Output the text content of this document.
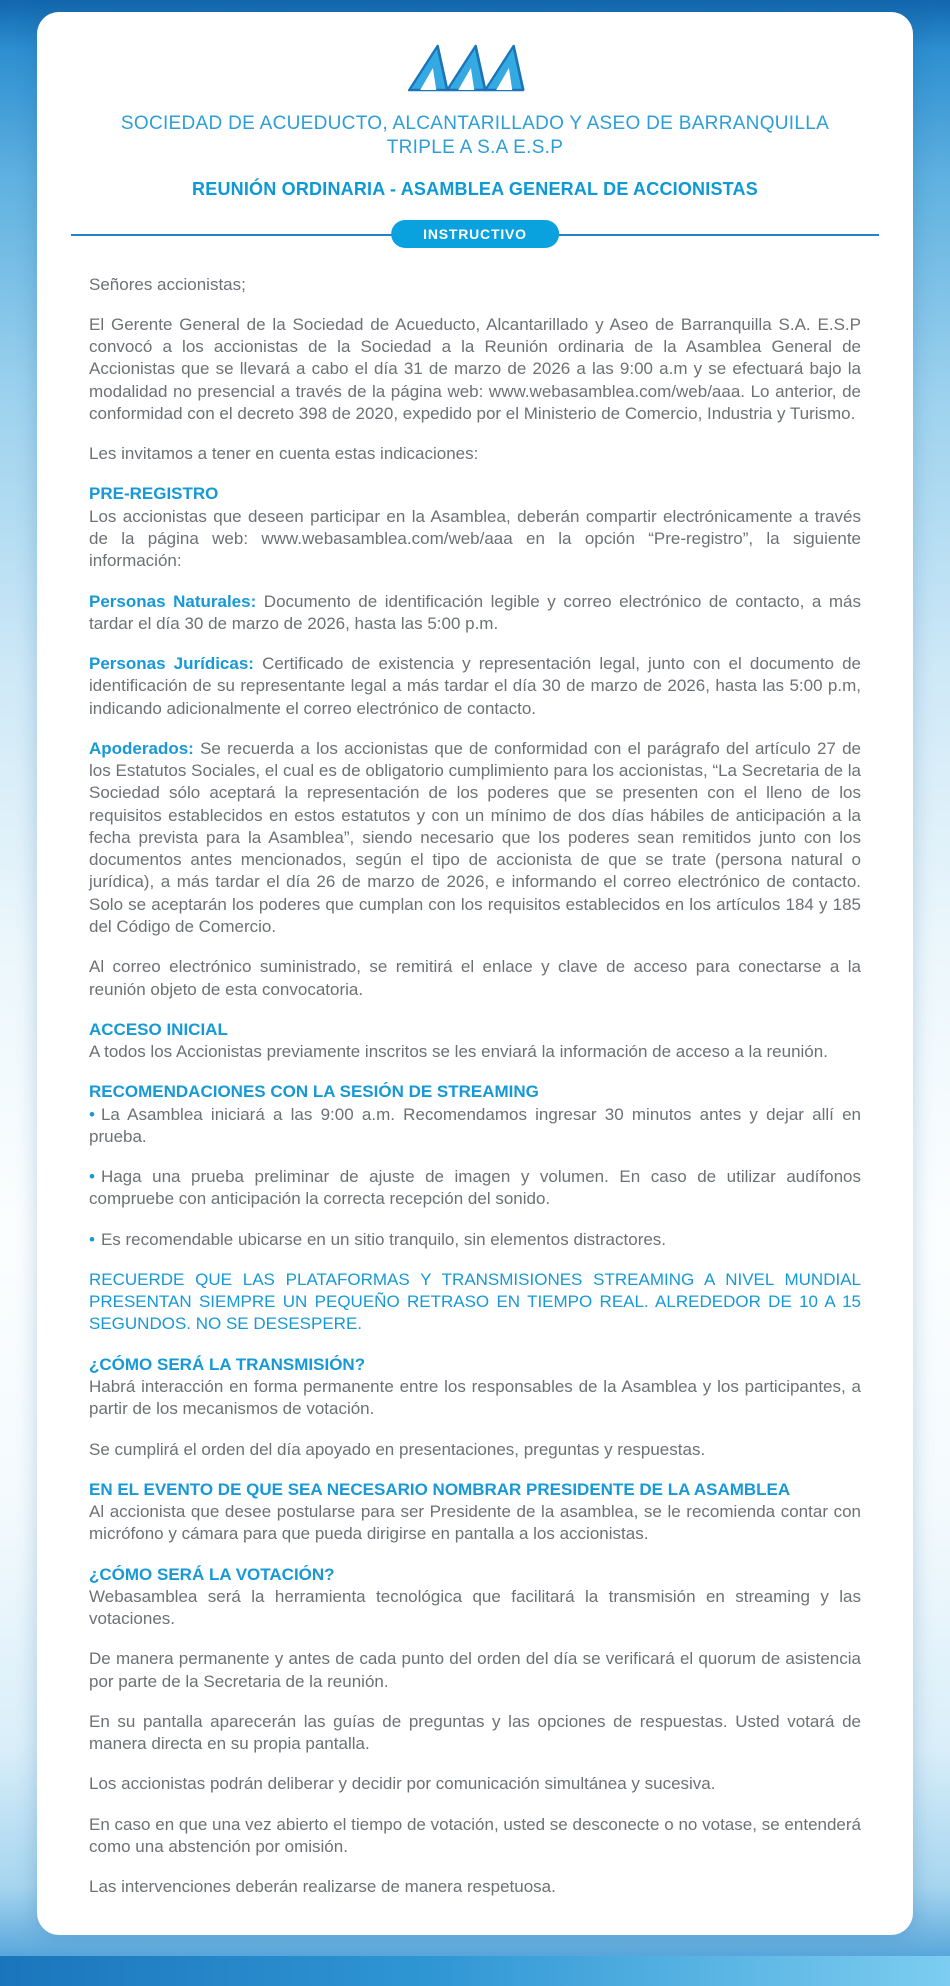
SOCIEDAD DE ACUEDUCTO, ALCANTARILLADO Y ASEO DE BARRANQUILLA
TRIPLE A S.A E.S.P
REUNIÓN ORDINARIA - ASAMBLEA GENERAL DE ACCIONISTAS
INSTRUCTIVO

Señores accionistas;

El Gerente General de la Sociedad de Acueducto, Alcantarillado y Aseo de Barranquilla S.A. E.S.P convocó a los accionistas de la Sociedad a la Reunión ordinaria de la Asamblea General de Accionistas que se llevará a cabo el día 31 de marzo de 2026 a las 9:00 a.m y se efectuará bajo la modalidad no presencial a través de la página web: www.webasamblea.com/web/aaa. Lo anterior, de conformidad con el decreto 398 de 2020, expedido por el Ministerio de Comercio, Industria y Turismo.

Les invitamos a tener en cuenta estas indicaciones:

PRE-REGISTRO

Los accionistas que deseen participar en la Asamblea, deberán compartir electrónicamente a través de la página web: www.webasamblea.com/web/aaa en la opción “Pre-registro”, la siguiente información:

Personas Naturales: Documento de identificación legible y correo electrónico de contacto, a más tardar el día 30 de marzo de 2026, hasta las 5:00 p.m.

Personas Jurídicas: Certificado de existencia y representación legal, junto con el documento de identificación de su representante legal a más tardar el día 30 de marzo de 2026, hasta las 5:00 p.m, indicando adicionalmente el correo electrónico de contacto.

Apoderados: Se recuerda a los accionistas que de conformidad con el parágrafo del artículo 27 de los Estatutos Sociales, el cual es de obligatorio cumplimiento para los accionistas, “La Secretaria de la Sociedad sólo aceptará la representación de los poderes que se presenten con el lleno de los requisitos establecidos en estos estatutos y con un mínimo de dos días hábiles de anticipación a la fecha prevista para la Asamblea”, siendo necesario que los poderes sean remitidos junto con los documentos antes mencionados, según el tipo de accionista de que se trate (persona natural o jurídica), a más tardar el día 26 de marzo de 2026, e informando el correo electrónico de contacto. Solo se aceptarán los poderes que cumplan con los requisitos establecidos en los artículos 184 y 185 del Código de Comercio.

Al correo electrónico suministrado, se remitirá el enlace y clave de acceso para conectarse a la reunión objeto de esta convocatoria.

ACCESO INICIAL

A todos los Accionistas previamente inscritos se les enviará la información de acceso a la reunión.

RECOMENDACIONES CON LA SESIÓN DE STREAMING

• La Asamblea iniciará a las 9:00 a.m. Recomendamos ingresar 30 minutos antes y dejar allí en prueba.

• Haga una prueba preliminar de ajuste de imagen y volumen. En caso de utilizar audífonos compruebe con anticipación la correcta recepción del sonido.

• Es recomendable ubicarse en un sitio tranquilo, sin elementos distractores.

RECUERDE QUE LAS PLATAFORMAS Y TRANSMISIONES STREAMING A NIVEL MUNDIAL PRESENTAN SIEMPRE UN PEQUEÑO RETRASO EN TIEMPO REAL. ALREDEDOR DE 10 A 15 SEGUNDOS. NO SE DESESPERE.

¿CÓMO SERÁ LA TRANSMISIÓN?

Habrá interacción en forma permanente entre los responsables de la Asamblea y los participantes, a partir de los mecanismos de votación.

Se cumplirá el orden del día apoyado en presentaciones, preguntas y respuestas.

EN EL EVENTO DE QUE SEA NECESARIO NOMBRAR PRESIDENTE DE LA ASAMBLEA

Al accionista que desee postularse para ser Presidente de la asamblea, se le recomienda contar con micrófono y cámara para que pueda dirigirse en pantalla a los accionistas.

¿CÓMO SERÁ LA VOTACIÓN?

Webasamblea será la herramienta tecnológica que facilitará la transmisión en streaming y las votaciones.

De manera permanente y antes de cada punto del orden del día se verificará el quorum de asistencia por parte de la Secretaria de la reunión.

En su pantalla aparecerán las guías de preguntas y las opciones de respuestas. Usted votará de manera directa en su propia pantalla.

Los accionistas podrán deliberar y decidir por comunicación simultánea y sucesiva.

En caso en que una vez abierto el tiempo de votación, usted se desconecte o no votase, se entenderá como una abstención por omisión.

Las intervenciones deberán realizarse de manera respetuosa.
